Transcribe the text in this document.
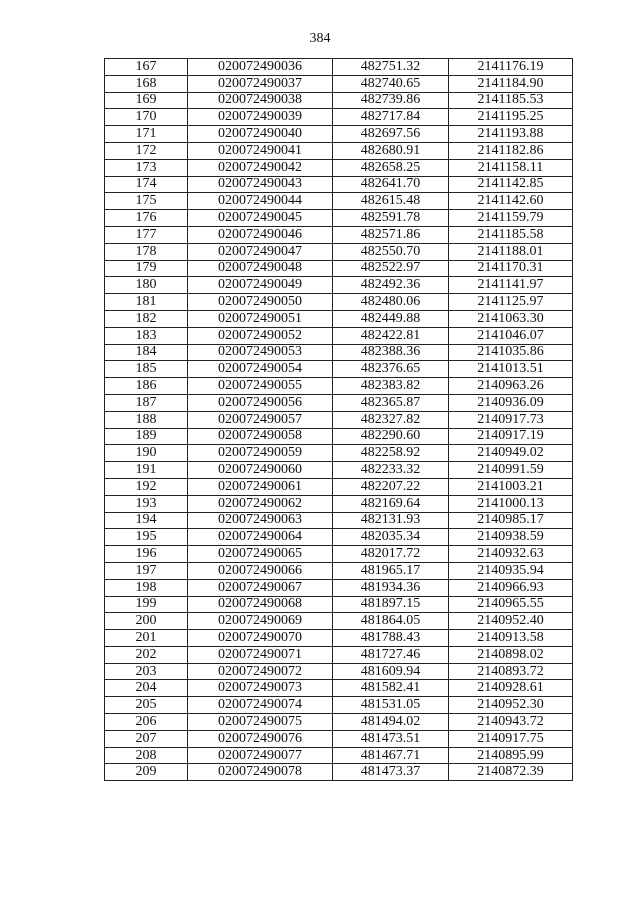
384
167	020072490036	482751.32	2141176.19
168	020072490037	482740.65	2141184.90
169	020072490038	482739.86	2141185.53
170	020072490039	482717.84	2141195.25
171	020072490040	482697.56	2141193.88
172	020072490041	482680.91	2141182.86
173	020072490042	482658.25	2141158.11
174	020072490043	482641.70	2141142.85
175	020072490044	482615.48	2141142.60
176	020072490045	482591.78	2141159.79
177	020072490046	482571.86	2141185.58
178	020072490047	482550.70	2141188.01
179	020072490048	482522.97	2141170.31
180	020072490049	482492.36	2141141.97
181	020072490050	482480.06	2141125.97
182	020072490051	482449.88	2141063.30
183	020072490052	482422.81	2141046.07
184	020072490053	482388.36	2141035.86
185	020072490054	482376.65	2141013.51
186	020072490055	482383.82	2140963.26
187	020072490056	482365.87	2140936.09
188	020072490057	482327.82	2140917.73
189	020072490058	482290.60	2140917.19
190	020072490059	482258.92	2140949.02
191	020072490060	482233.32	2140991.59
192	020072490061	482207.22	2141003.21
193	020072490062	482169.64	2141000.13
194	020072490063	482131.93	2140985.17
195	020072490064	482035.34	2140938.59
196	020072490065	482017.72	2140932.63
197	020072490066	481965.17	2140935.94
198	020072490067	481934.36	2140966.93
199	020072490068	481897.15	2140965.55
200	020072490069	481864.05	2140952.40
201	020072490070	481788.43	2140913.58
202	020072490071	481727.46	2140898.02
203	020072490072	481609.94	2140893.72
204	020072490073	481582.41	2140928.61
205	020072490074	481531.05	2140952.30
206	020072490075	481494.02	2140943.72
207	020072490076	481473.51	2140917.75
208	020072490077	481467.71	2140895.99
209	020072490078	481473.37	2140872.39
